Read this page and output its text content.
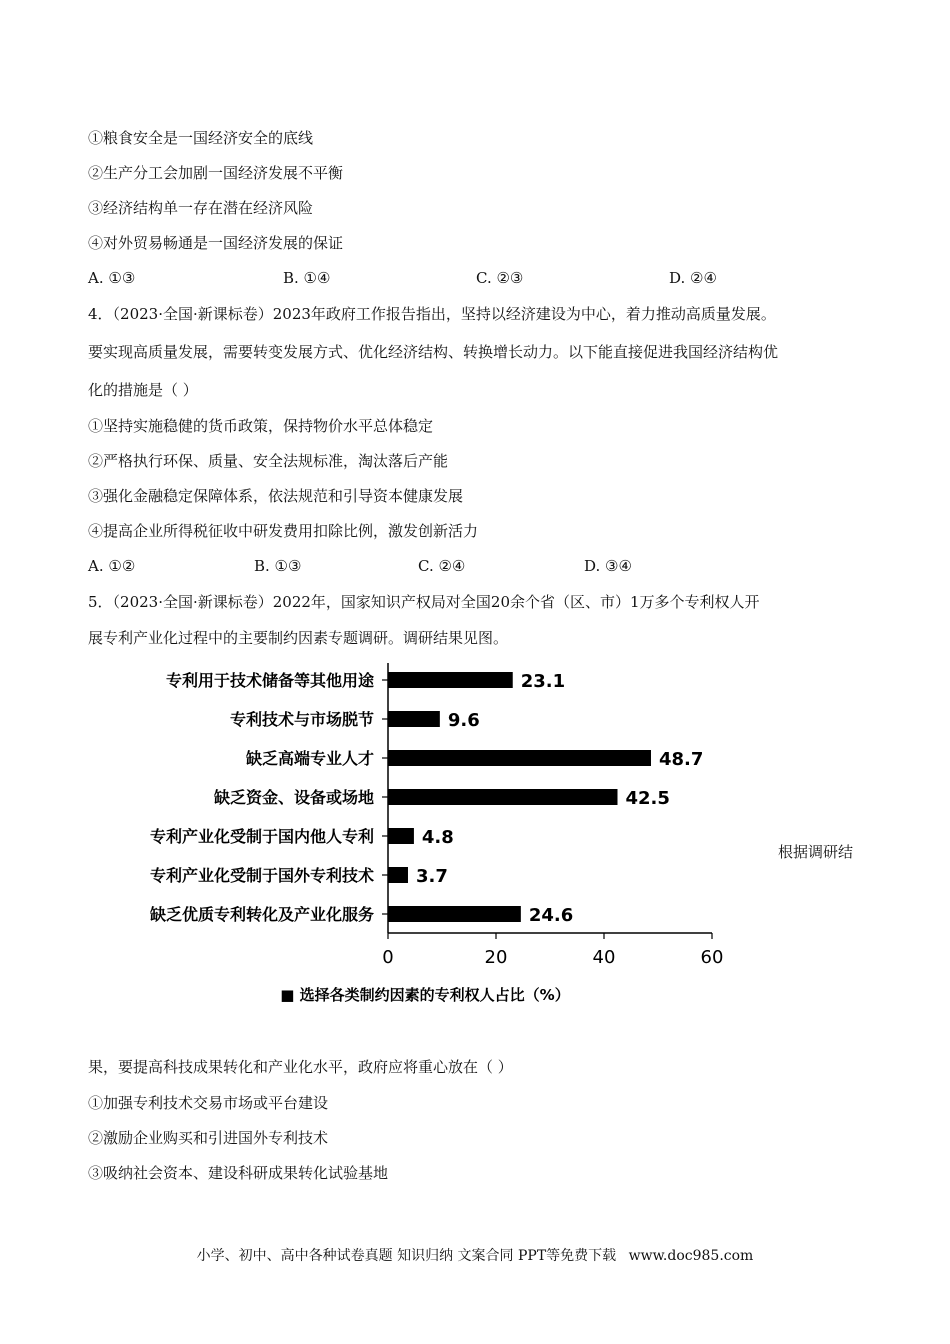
①粮食安全是一国经济安全的底线
②生产分工会加剧一国经济发展不平衡
③经济结构单一存在潜在经济风险
④对外贸易畅通是一国经济发展的保证
A. ①③	B. ①④	C. ②③	D. ②④
4．（2023·全国·新课标卷）2023年政府工作报告指出，坚持以经济建设为中心，着力推动高质量发展。
要实现高质量发展，需要转变发展方式、优化经济结构、转换增长动力。以下能直接促进我国经济结构优
化的措施是（ ）
①坚持实施稳健的货币政策，保持物价水平总体稳定
②严格执行环保、质量、安全法规标准，淘汰落后产能
③强化金融稳定保障体系，依法规范和引导资本健康发展
④提高企业所得税征收中研发费用扣除比例，激发创新活力
A. ①②	B. ①③	C. ②④	D. ③④
5．（2023·全国·新课标卷）2022年，国家知识产权局对全国20余个省（区、市）1万多个专利权人开
展专利产业化过程中的主要制约因素专题调研。调研结果见图。
专利用于技术储备等其他用途	23.1
专利技术与市场脱节	9.6
缺乏高端专业人才	48.7
缺乏资金、设备或场地	42.5
专利产业化受制于国内他人专利	4.8
专利产业化受制于国外专利技术 3.7
缺乏优质专利转化及产业化服务	24.6
0	20	40	60
■ 选择各类制约因素的专利权人占比（%）
根据调研结
果，要提高科技成果转化和产业化水平，政府应将重心放在（ ）
①加强专利技术交易市场或平台建设
②激励企业购买和引进国外专利技术
③吸纳社会资本、建设科研成果转化试验基地
小学、初中、高中各种试卷真题 知识归纳 文案合同 PPT等免费下载 www.doc985.com
